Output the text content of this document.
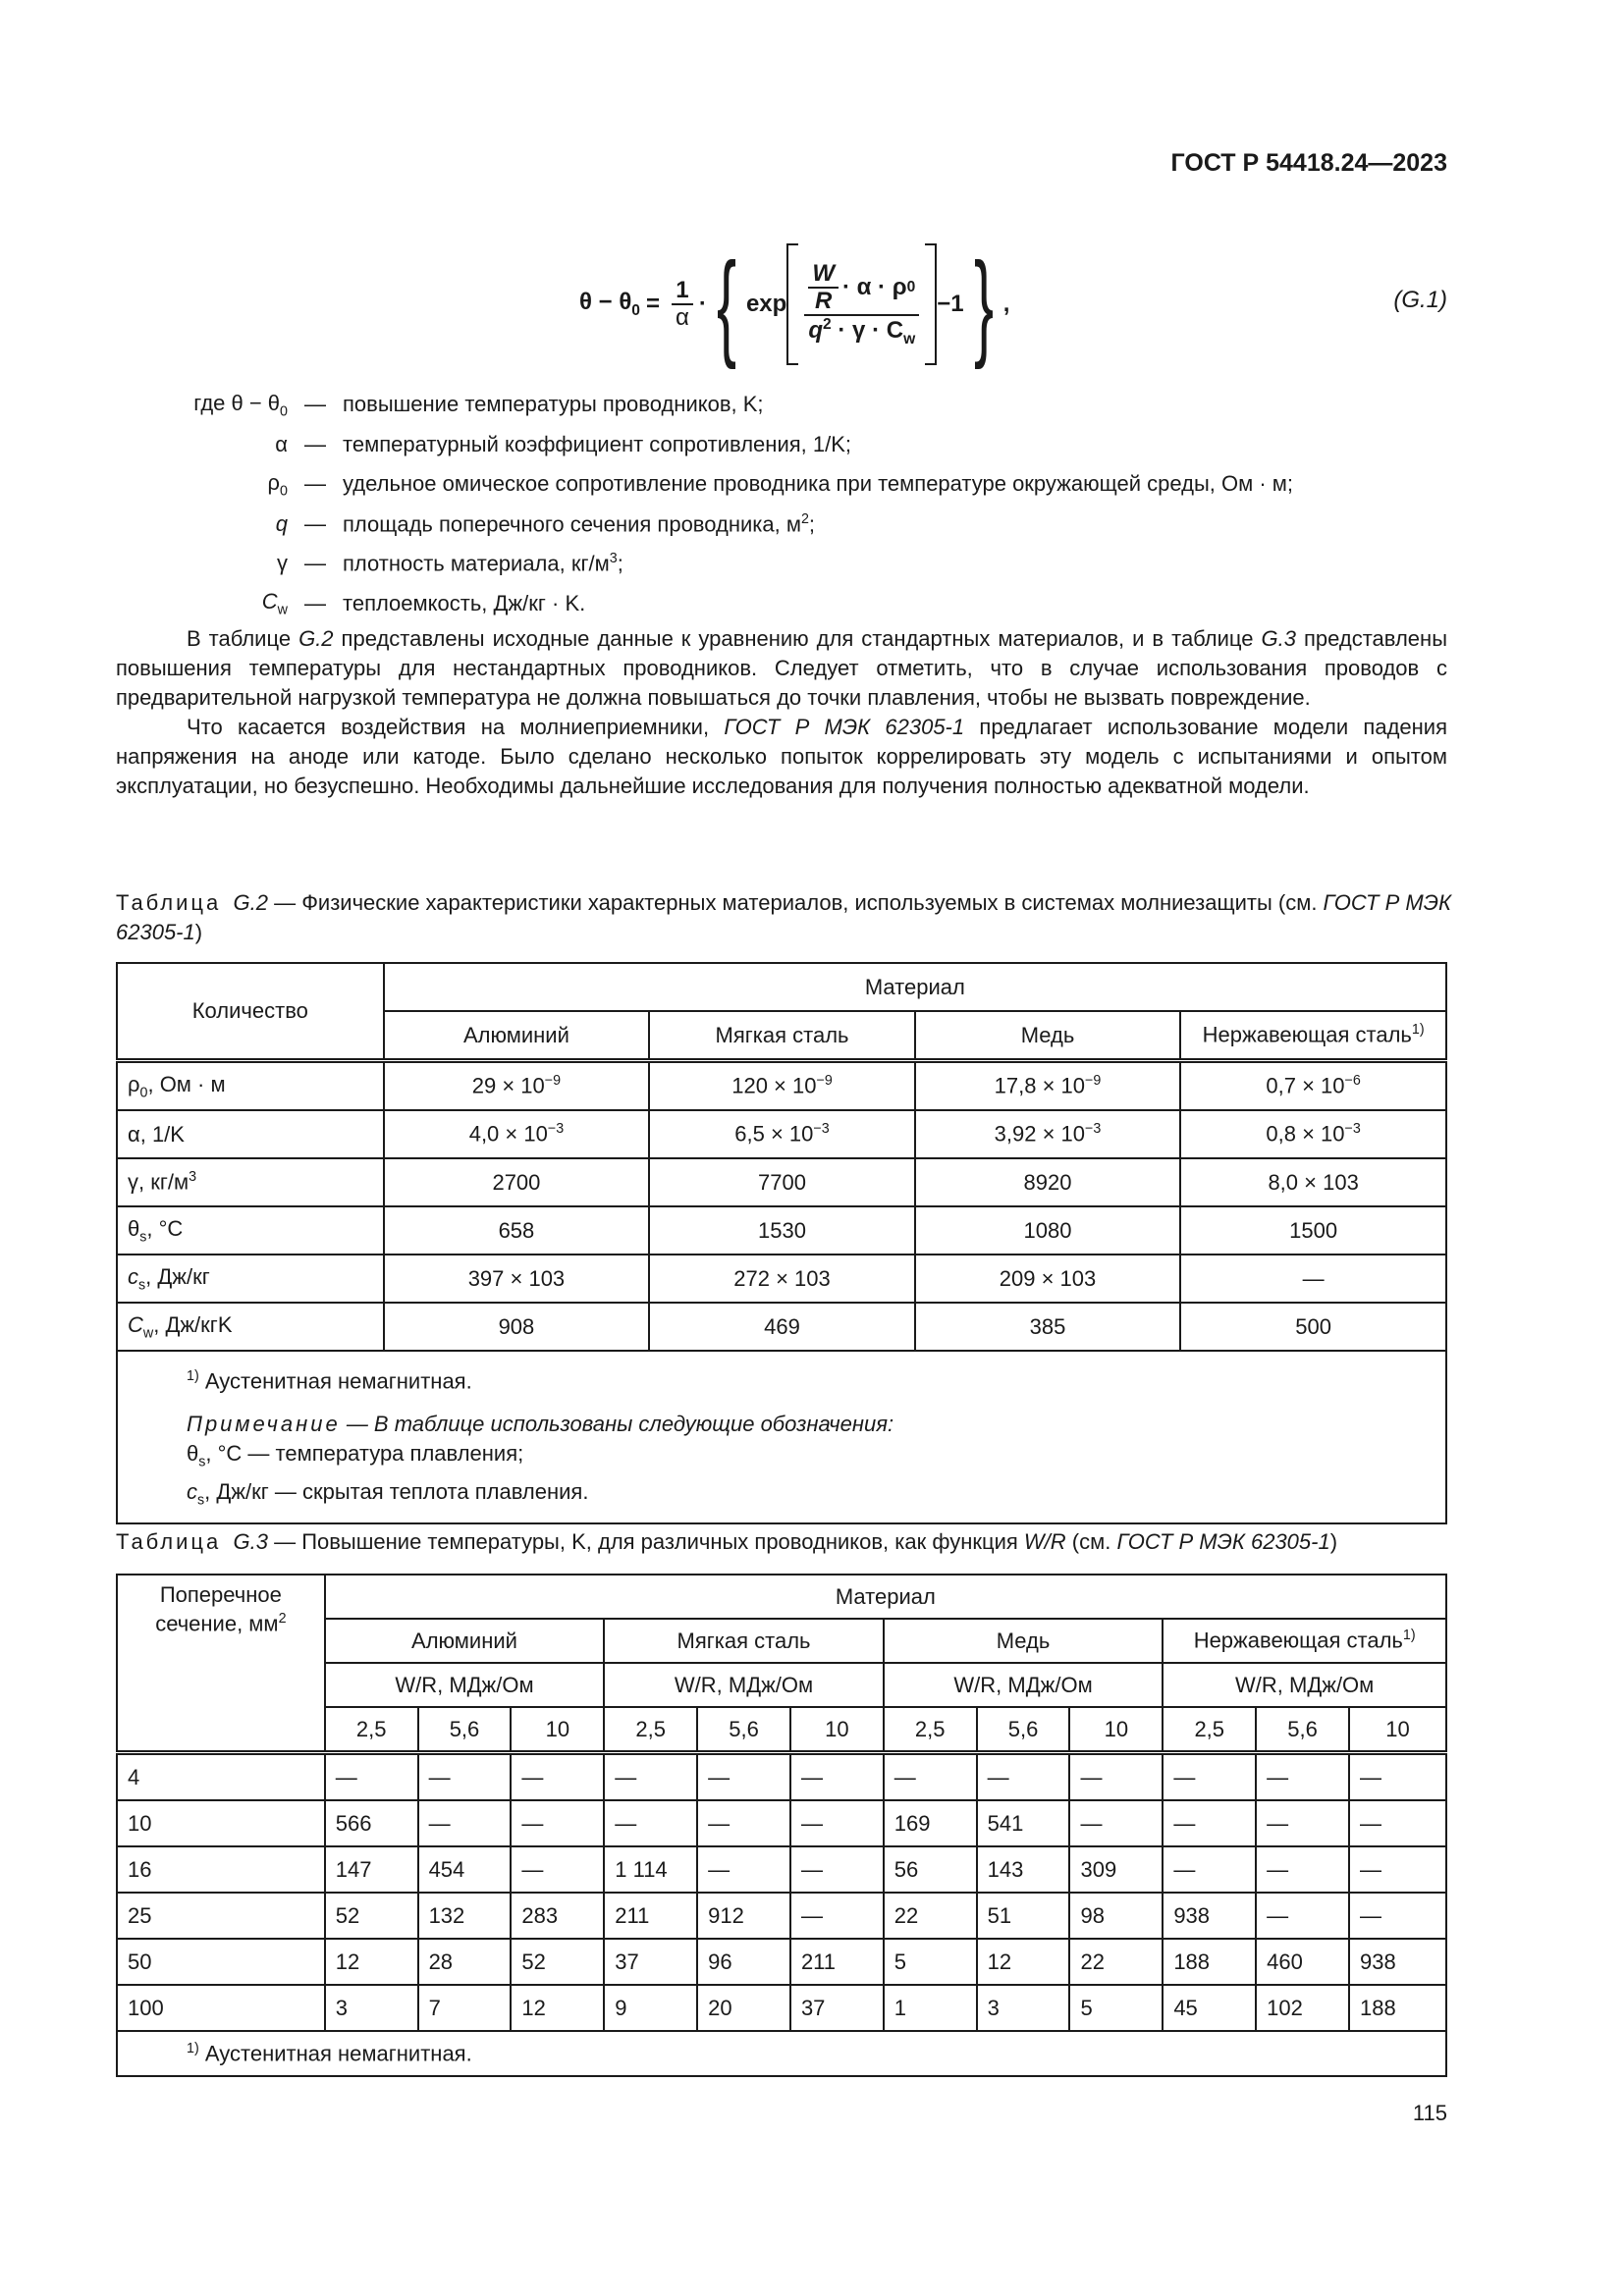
ГОСТ Р 54418.24—2023
$\theta - \theta_0 = \frac{1}{\alpha}$ · { $\exp \frac{\frac{W}{R} \cdot \alpha \cdot \rho 0}{q^2 \cdot \gamma \cdot C_w} -1$ } ,	(G.1)
где $\theta - \theta_0$ — повышение температуры проводников, K;
α — температурный коэффициент сопротивления, 1/K;
$\rho_0$ — удельное омическое сопротивление проводника при температуре окружающей среды, Ом · м;
q — площадь поперечного сечения проводника, $м^2$;
γ — плотность материала, $кг/м^3$;
$C_w$ — теплоемкость, Дж/кг · K.

В таблице G.2 представлены исходные данные к уравнению для стандартных материалов, и в таблице G.3 представлены повышения температуры для нестандартных проводников. Следует отметить, что в случае использования проводов с предварительной нагрузкой температура не должна повышаться до точки плавления, чтобы не вызвать повреждение.

Что касается воздействия на молниеприемники, ГОСТ Р МЭК 62305-1 предлагает использование модели падения напряжения на аноде или катоде. Было сделано несколько попыток коррелировать эту модель с испытаниями и опытом эксплуатации, но безуспешно. Необходимы дальнейшие исследования для получения полностью адекватной модели.

Таблица G.2 — Физические характеристики характерных материалов, используемых в системах молниезащиты (см. ГОСТ Р МЭК 62305-1)
Количество	Материал			
	Алюминий	Мягкая сталь	Медь	Нержавеющая сталь$^{1)}$
$\rho_0$, Ом · м	$29 \times 10^{-9}$	$120 \times 10^{-9}$	$17,8 \times 10^{-9}$	$0,7 \times 10^{-6}$
α, 1/K	$4,0 \times 10^{-3}$	$6,5 \times 10^{-3}$	$3,92 \times 10^{-3}$	$0,8 \times 10^{-3}$
γ, $кг/м^3$	2700	7700	8920	8,0 × 103
$\theta_s$, °C	658	1530	1080	1500
$c_s$, Дж/кг	397 × 103	272 × 103	209 × 103	—
$C_w$, Дж/кгK	908	469	385	500

$^{1)}$ Аустенитная немагнитная.
Примечание — В таблице использованы следующие обозначения:
$\theta_s$, °C — температура плавления;
$c_s$, Дж/кг — скрытая теплота плавления.				
Таблица G.3 — Повышение температуры, K, для различных проводников, как функция W/R (см. ГОСТ Р МЭК 62305-1)
Поперечное сечение, $мм^2$	Материал											
	Алюминий			Мягкая сталь			Медь			Нержавеющая сталь$^{1)}$
	W/R, МДж/Ом			W/R, МДж/Ом			W/R, МДж/Ом			W/R, МДж/Ом		
	2,5	5,6	10	2,5	5,6	10	2,5	5,6	10	2,5	5,6	10
4	—	—	—	—	—	—	—	—	—	—	—	—
10	566	—	—	—	—	—	169	541	—	—	—	—
16	147	454	—	1 114	—	—	56	143	309	—	—	—
25	52	132	283	211	912	—	22	51	98	938	—	—
50	12	28	52	37	96	211	5	12	22	188	460	938
100	3	7	12	9	20	37	1	3	5	45	102	188
$^{1)}$ Аустенитная немагнитная.												
115
